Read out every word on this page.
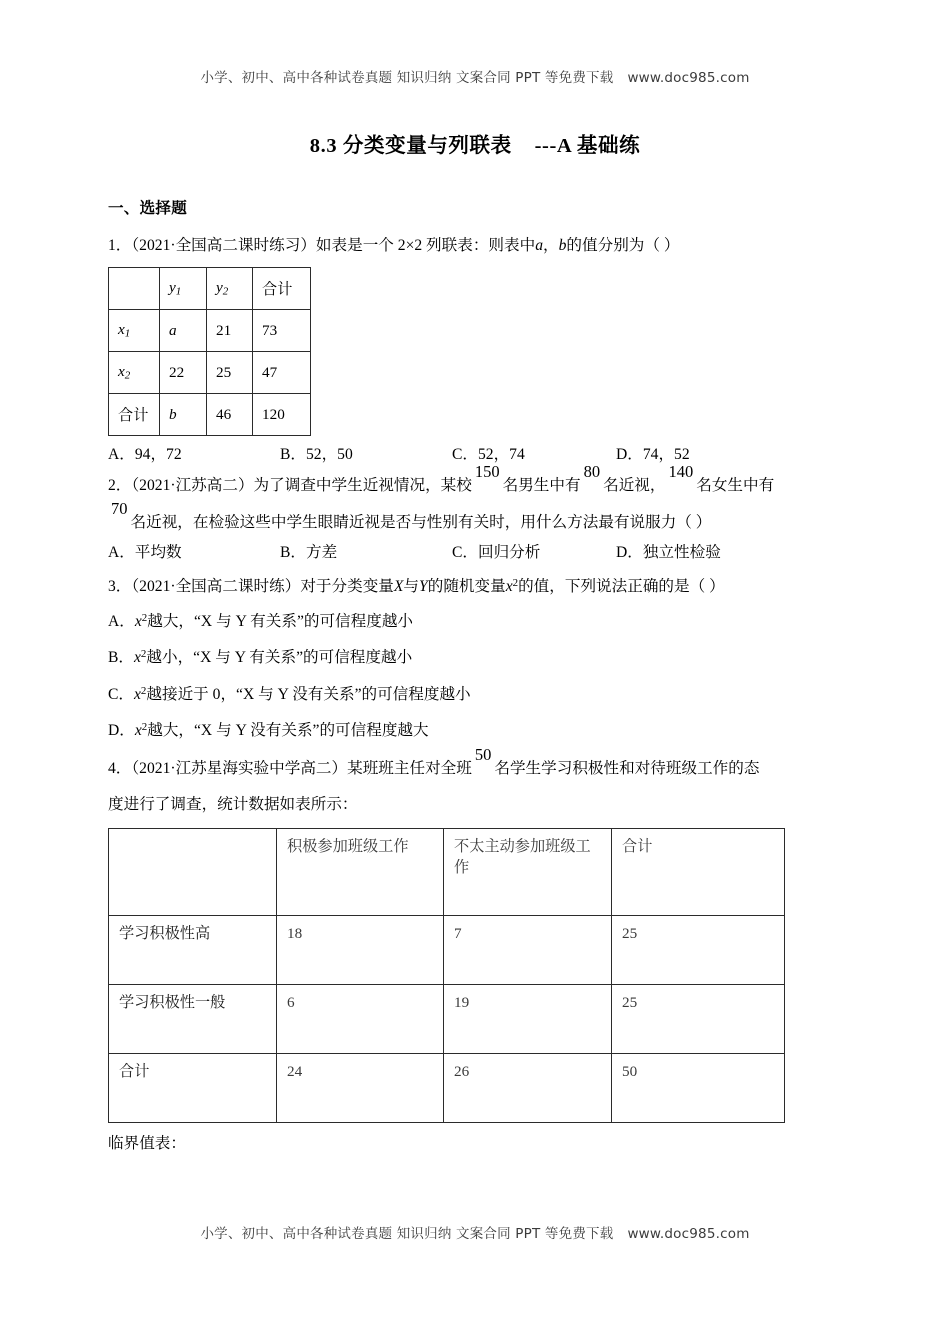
小学、初中、高中各种试卷真题 知识归纳 文案合同 PPT 等免费下载 www.doc985.com
8.3 分类变量与列联表    ---A 基础练

一、选择题

1．（2021·全国高二课时练习）如表是一个 2×2 列联表：则表中a，b的值分别为（ ）

	$y_1$	$y_2$	合计
$x_1$	a	21	73
$x_2$	22	25	47
合计	b	46	120
A．94，72	B．52，50	C．52，74	D．74，52

2．（2021·江苏高二）为了调查中学生近视情况，某校150名男生中有80名近视，140名女生中有

70名近视，在检验这些中学生眼睛近视是否与性别有关时，用什么方法最有说服力（ ）

A．平均数	B．方差	C．回归分析	D．独立性检验

3．（2021·全国高二课时练）对于分类变量X与Y的随机变量$x^2$的值，下列说法正确的是（ ）

A．$x^2$越大，“X 与 Y 有关系”的可信程度越小

B．$x^2$越小，“X 与 Y 有关系”的可信程度越小

C．$x^2$越接近于 0，“X 与 Y 没有关系”的可信程度越小

D．$x^2$越大，“X 与 Y 没有关系”的可信程度越大

4．（2021·江苏星海实验中学高二）某班班主任对全班50名学生学习积极性和对待班级工作的态

度进行了调查，统计数据如表所示：

	积极参加班级工作	不太主动参加班级工作	合计
学习积极性高	18	7	25
学习积极性一般	6	19	25
合计	24	26	50

临界值表：

小学、初中、高中各种试卷真题 知识归纳 文案合同 PPT 等免费下载 www.doc985.com
